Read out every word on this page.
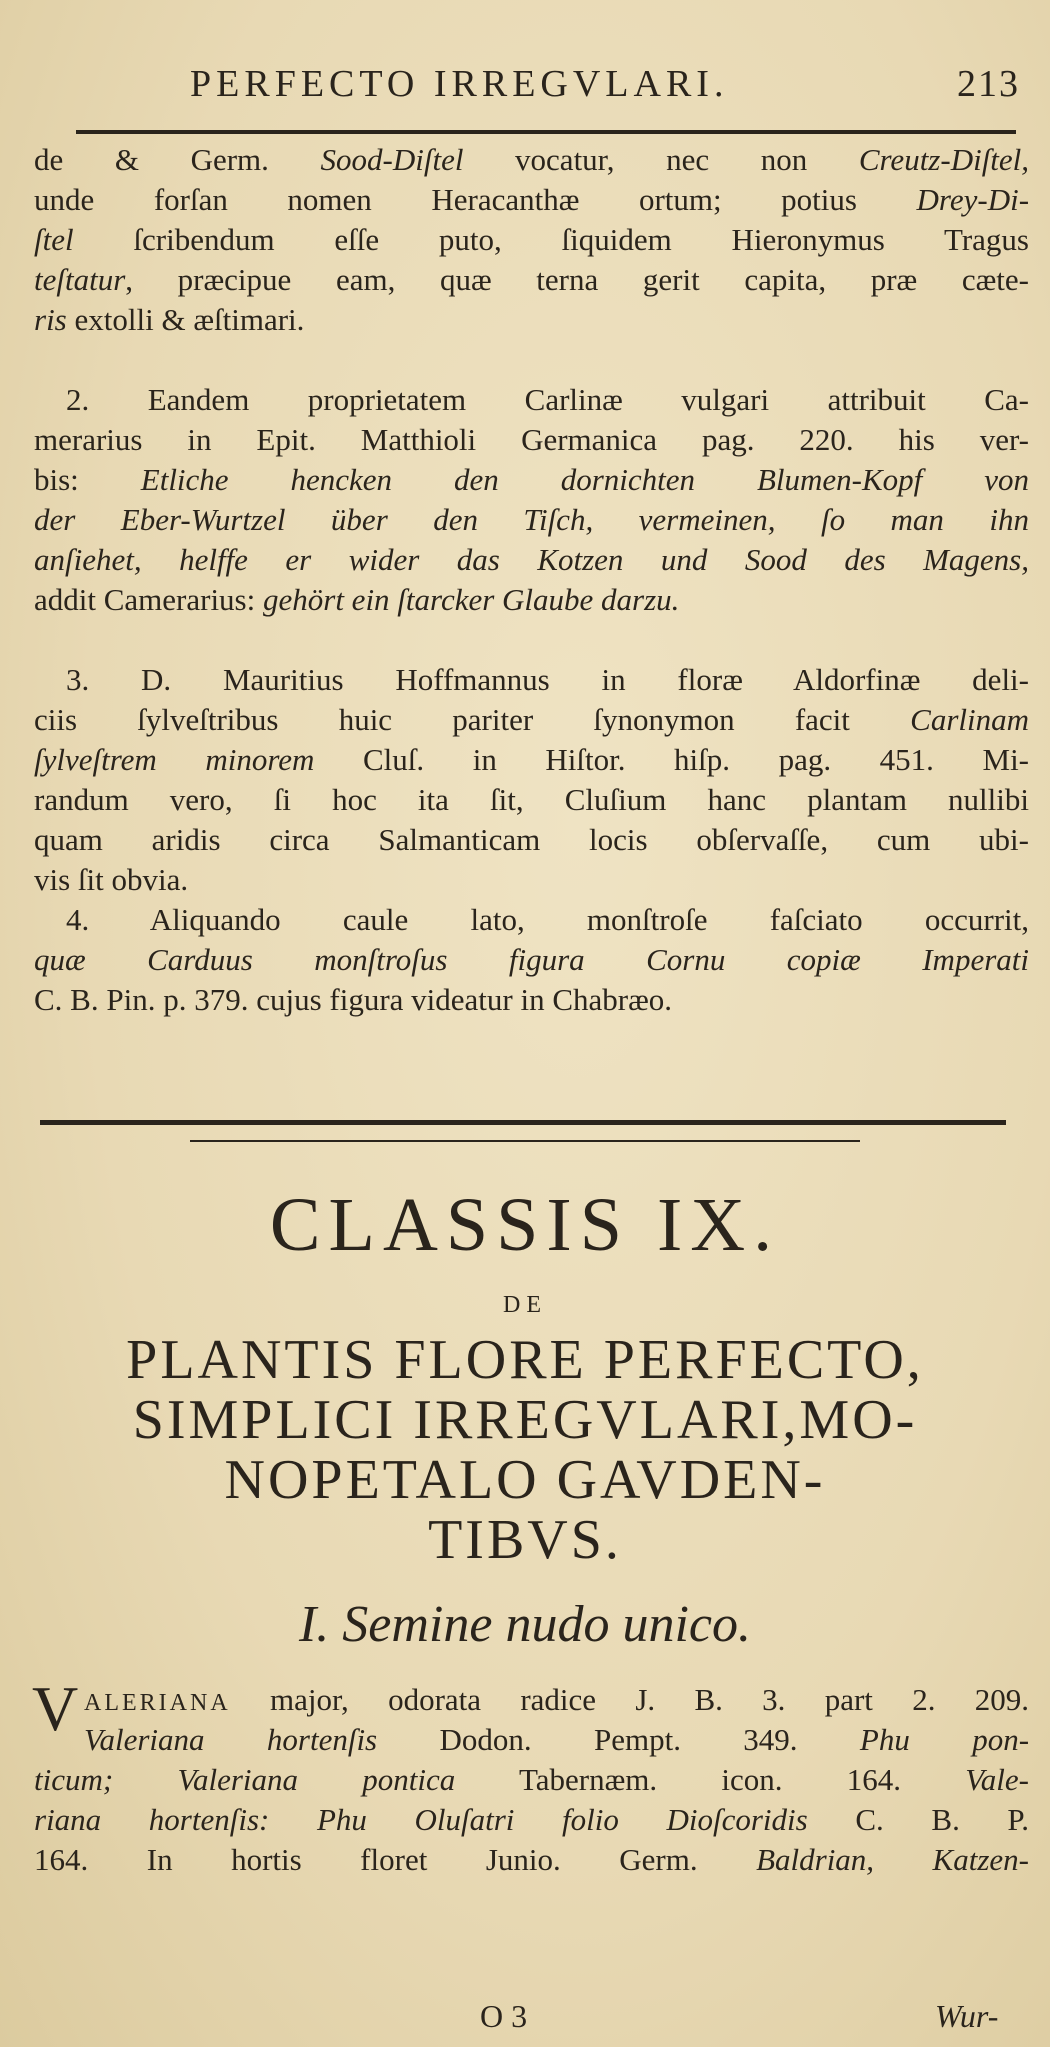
PERFECTO IRREGVLARI.	213
de & Germ. Sood-Diſtel vocatur, nec non Creutz-Diſtel,
unde forſan nomen Heracanthæ ortum; potius Drey-Di-
ſtel ſcribendum eſſe puto, ſiquidem Hieronymus Tragus
teſtatur, præcipue eam, quæ terna gerit capita, præ cæte-
ris extolli & æſtimari.
2. Eandem proprietatem Carlinæ vulgari attribuit Ca-
merarius in Epit. Matthioli Germanica pag. 220. his ver-
bis: Etliche hencken den dornichten Blumen-Kopf von
der Eber-Wurtzel über den Tiſch, vermeinen, ſo man ihn
anſiehet, helffe er wider das Kotzen und Sood des Magens,
addit Camerarius: gehört ein ſtarcker Glaube darzu.
3. D. Mauritius Hoffmannus in floræ Aldorfinæ deli-
ciis ſylveſtribus huic pariter ſynonymon facit Carlinam
ſylveſtrem minorem Cluſ. in Hiſtor. hiſp. pag. 451. Mi-
randum vero, ſi hoc ita ſit, Cluſium hanc plantam nullibi
quam aridis circa Salmanticam locis obſervaſſe, cum ubi-
vis ſit obvia.
4. Aliquando caule lato, monſtroſe faſciato occurrit,
quæ Carduus monſtroſus figura Cornu copiæ Imperati
C. B. Pin. p. 379. cujus figura videatur in Chabræo.
CLASSIS IX.
DE
PLANTIS FLORE PERFECTO,
SIMPLICI IRREGVLARI,MO-
NOPETALO GAVDEN-
TIBVS.
I. Semine nudo unico.
V ALERIANA major, odorata radice J. B. 3. part 2. 209.
Valeriana hortenſis Dodon. Pempt. 349. Phu pon-
ticum; Valeriana pontica Tabernæm. icon. 164. Vale-
riana hortenſis: Phu Oluſatri folio Dioſcoridis C. B. P.
164. In hortis floret Junio. Germ. Baldrian, Katzen-
O 3	Wur-
